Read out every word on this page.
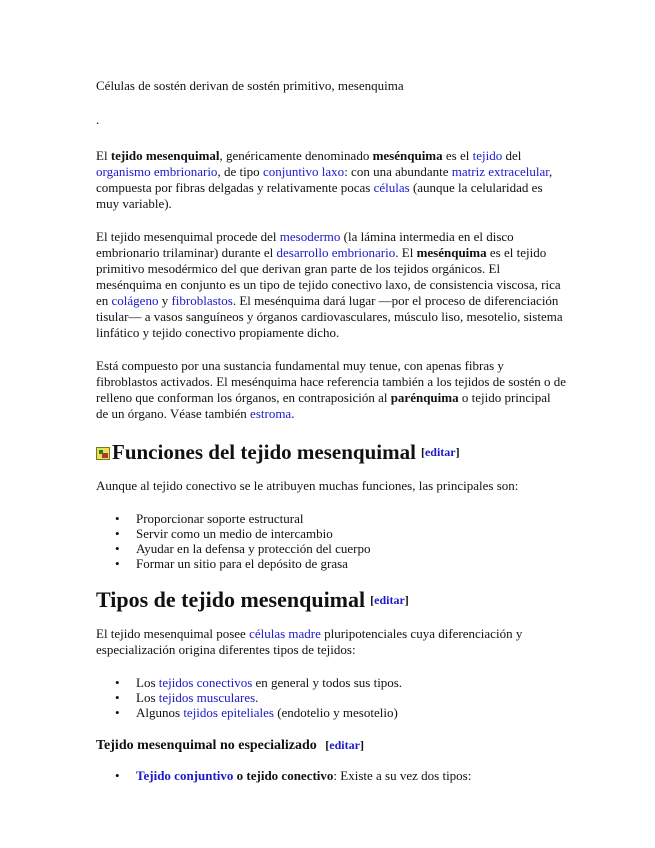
Células de sostén derivan de sostén primitivo, mesenquima

.

El tejido mesenquimal, genéricamente denominado mesénquima es el tejido del organismo embrionario, de tipo conjuntivo laxo: con una abundante matriz extracelular, compuesta por fibras delgadas y relativamente pocas células (aunque la celularidad es muy variable).

El tejido mesenquimal procede del mesodermo (la lámina intermedia en el disco embrionario trilaminar) durante el desarrollo embrionario. El mesénquima es el tejido primitivo mesodérmico del que derivan gran parte de los tejidos orgánicos. El mesénquima en conjunto es un tipo de tejido conectivo laxo, de consistencia viscosa, rica en colágeno y fibroblastos. El mesénquima dará lugar —por el proceso de diferenciación tisular— a vasos sanguíneos y órganos cardiovasculares, músculo liso, mesotelio, sistema linfático y tejido conectivo propiamente dicho.

Está compuesto por una sustancia fundamental muy tenue, con apenas fibras y fibroblastos activados. El mesénquima hace referencia también a los tejidos de sostén o de relleno que conforman los órganos, en contraposición al parénquima o tejido principal de un órgano. Véase también estroma.

Funciones del tejido mesenquimal [editar]

Aunque al tejido conectivo se le atribuyen muchas funciones, las principales son:

• Proporcionar soporte estructural
• Servir como un medio de intercambio
• Ayudar en la defensa y protección del cuerpo
• Formar un sitio para el depósito de grasa
Tipos de tejido mesenquimal [editar]

El tejido mesenquimal posee células madre pluripotenciales cuya diferenciación y especialización origina diferentes tipos de tejidos:

• Los tejidos conectivos en general y todos sus tipos.
• Los tejidos musculares.
• Algunos tejidos epiteliales (endotelio y mesotelio)
Tejido mesenquimal no especializado [editar]
• Tejido conjuntivo o tejido conectivo: Existe a su vez dos tipos:
